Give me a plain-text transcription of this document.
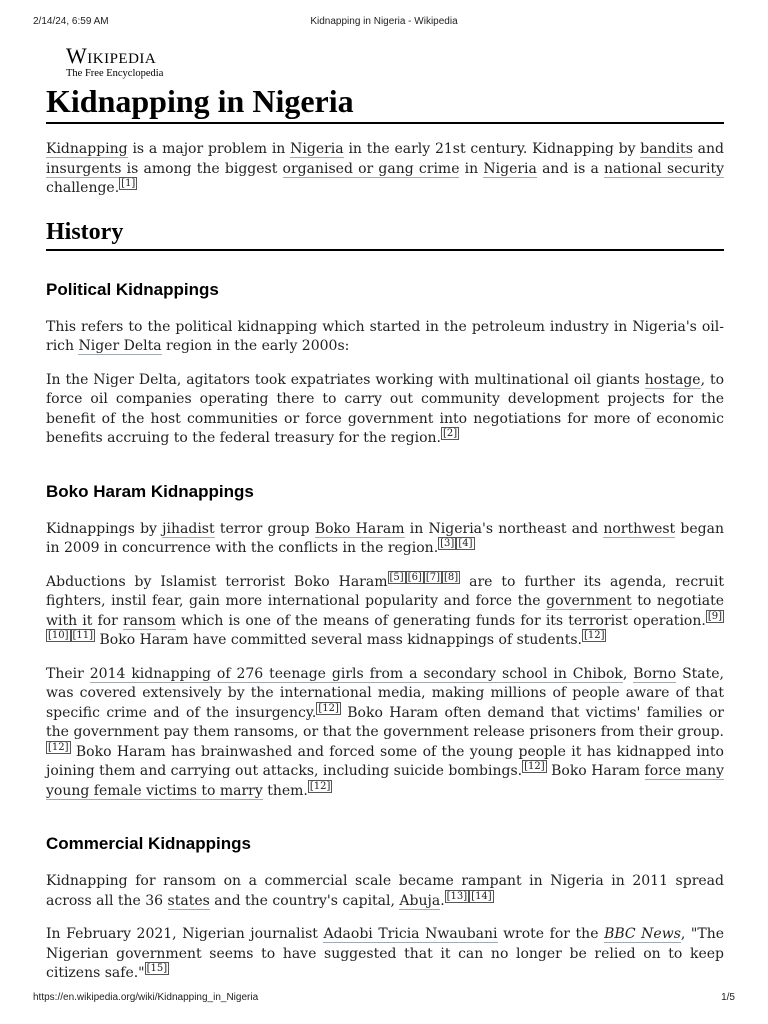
2/14/24, 6:59 AM	Kidnapping in Nigeria - Wikipedia
Wikipedia
The Free Encyclopedia
Kidnapping in Nigeria

Kidnapping is a major problem in Nigeria in the early 21st century. Kidnapping by bandits and insurgents is among the biggest organised or gang crime in Nigeria and is a national security challenge. [1]

History
Political Kidnappings

This refers to the political kidnapping which started in the petroleum industry in Nigeria's oil-rich Niger Delta region in the early 2000s:

In the Niger Delta, agitators took expatriates working with multinational oil giants hostage, to force oil companies operating there to carry out community development projects for the benefit of the host communities or force government into negotiations for more of economic benefits accruing to the federal treasury for the region. [2]

Boko Haram Kidnappings

Kidnappings by jihadist terror group Boko Haram in Nigeria's northeast and northwest began in 2009 in concurrence with the conflicts in the region. [3] [4]

Abductions by Islamist terrorist Boko Haram [5] [6] [7] [8] are to further its agenda, recruit fighters, instil fear, gain more international popularity and force the government to negotiate with it for ransom which is one of the means of generating funds for its terrorist operation. [9][10] [11] Boko Haram have committed several mass kidnappings of students. [12]

Their 2014 kidnapping of 276 teenage girls from a secondary school in Chibok, Borno State, was covered extensively by the international media, making millions of people aware of that specific crime and of the insurgency. [12] Boko Haram often demand that victims' families or the government pay them ransoms, or that the government release prisoners from their group.[12] Boko Haram has brainwashed and forced some of the young people it has kidnapped into joining them and carrying out attacks, including suicide bombings. [12] Boko Haram force many young female victims to marry them. [12]

Commercial Kidnappings

Kidnapping for ransom on a commercial scale became rampant in Nigeria in 2011 spread across all the 36 states and the country's capital, Abuja. [13] [14]

In February 2021, Nigerian journalist Adaobi Tricia Nwaubani wrote for the BBC News, "The Nigerian government seems to have suggested that it can no longer be relied on to keep citizens safe." [15]

https://en.wikipedia.org/wiki/Kidnapping_in_Nigeria	1/5
